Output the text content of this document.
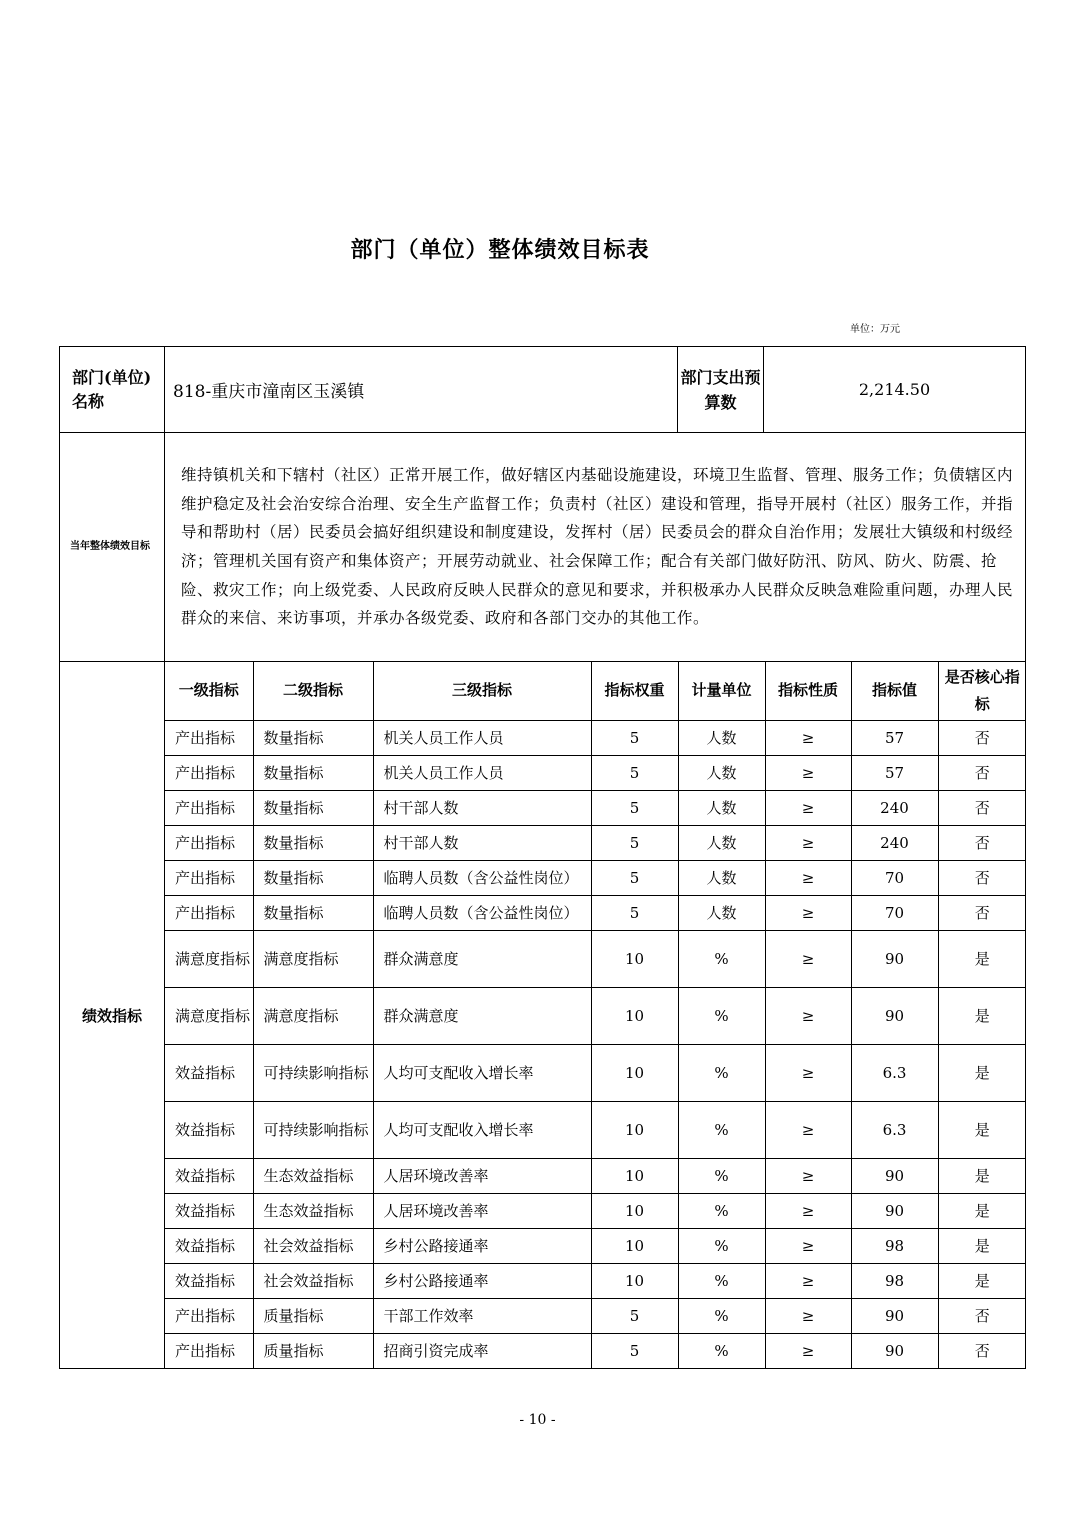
部门（单位）整体绩效目标表
单位：万元
部门(单位)名称	818-重庆市潼南区玉溪镇	部门支出预算数	2,214.50
当年整体绩效目标	维持镇机关和下辖村（社区）正常开展工作，做好辖区内基础设施建设，环境卫生监督、管理、服务工作；负债辖区内维护稳定及社会治安综合治理、安全生产监督工作；负责村（社区）建设和管理，指导开展村（社区）服务工作，并指导和帮助村（居）民委员会搞好组织建设和制度建设，发挥村（居）民委员会的群众自治作用；发展壮大镇级和村级经济；管理机关国有资产和集体资产；开展劳动就业、社会保障工作；配合有关部门做好防汛、防风、防火、防震、抢险、救灾工作；向上级党委、人民政府反映人民群众的意见和要求，并积极承办人民群众反映急难险重问题，办理人民群众的来信、来访事项，并承办各级党委、政府和各部门交办的其他工作。
绩效指标	
一级指标	二级指标	三级指标	指标权重	计量单位	指标性质	指标值	是否核心指标
产出指标	数量指标	机关人员工作人员	5	人数	≥	57	否
产出指标	数量指标	机关人员工作人员	5	人数	≥	57	否
产出指标	数量指标	村干部人数	5	人数	≥	240	否
产出指标	数量指标	村干部人数	5	人数	≥	240	否
产出指标	数量指标	临聘人员数（含公益性岗位）	5	人数	≥	70	否
产出指标	数量指标	临聘人员数（含公益性岗位）	5	人数	≥	70	否
满意度指标	满意度指标	群众满意度	10	%	≥	90	是
满意度指标	满意度指标	群众满意度	10	%	≥	90	是
效益指标	可持续影响指标	人均可支配收入增长率	10	%	≥	6.3	是
效益指标	可持续影响指标	人均可支配收入增长率	10	%	≥	6.3	是
效益指标	生态效益指标	人居环境改善率	10	%	≥	90	是
效益指标	生态效益指标	人居环境改善率	10	%	≥	90	是
效益指标	社会效益指标	乡村公路接通率	10	%	≥	98	是
效益指标	社会效益指标	乡村公路接通率	10	%	≥	98	是
产出指标	质量指标	干部工作效率	5	%	≥	90	否
产出指标	质量指标	招商引资完成率	5	%	≥	90	否
- 10 -
